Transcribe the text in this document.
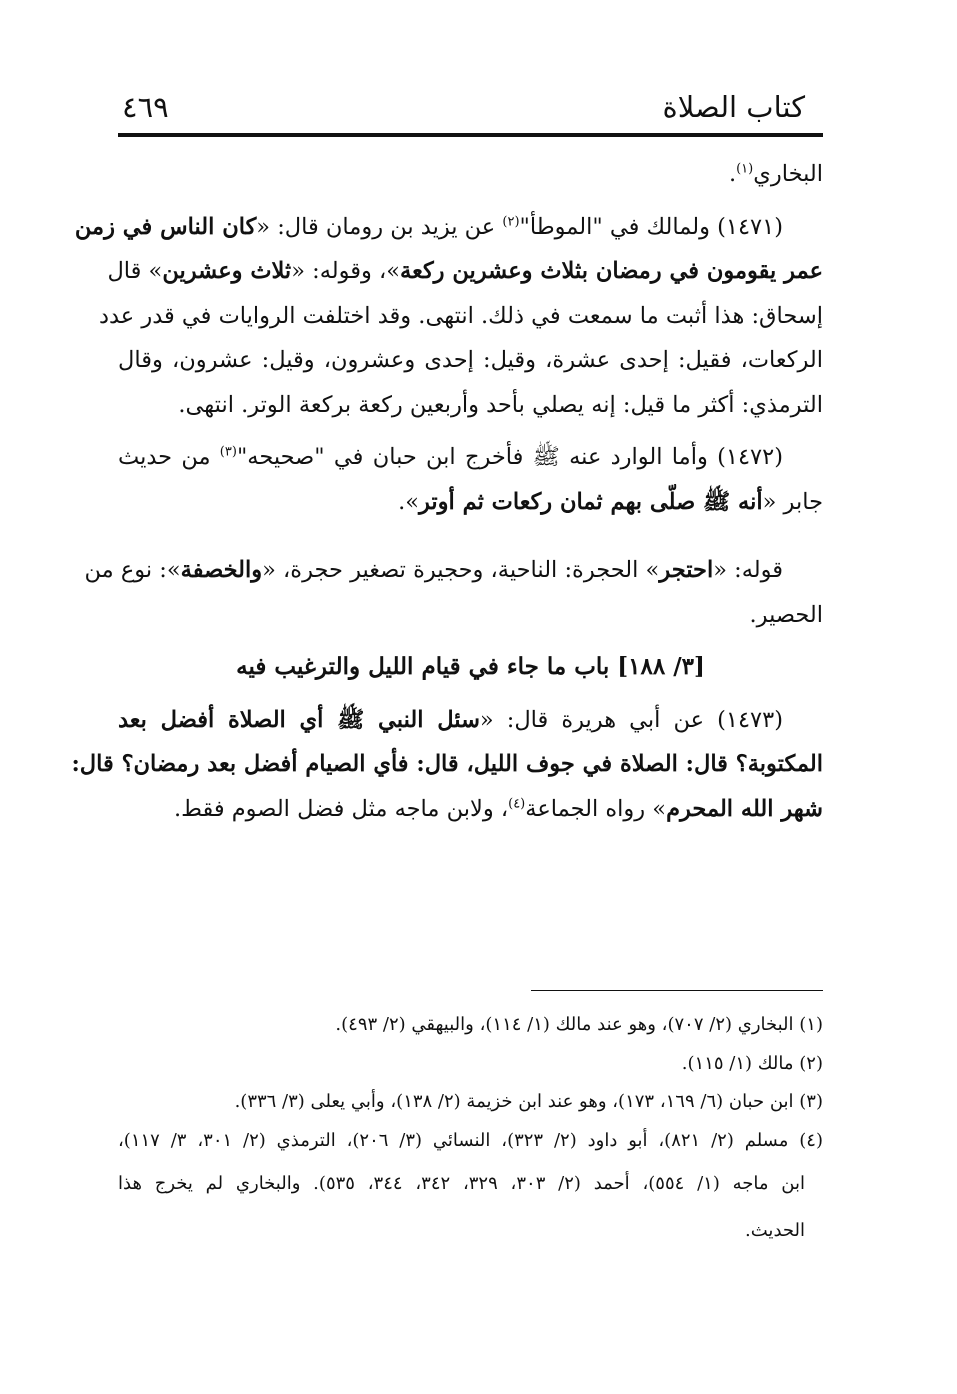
كتاب الصلاة
٤٦٩

البخاري$^{(١)}$.

(١٤٧١) ولمالك في "الموطأ"$^{(٢)}$ عن يزيد بن رومان قال: «كان الناس في زمن

عمر يقومون في رمضان بثلاث وعشرين ركعة»، وقوله: «ثلاث وعشرين» قال

إسحاق: هذا أثبت ما سمعت في ذلك. انتهى. وقد اختلفت الروايات في قدر عدد

الركعات، فقيل: إحدى عشرة، وقيل: إحدى وعشرون، وقيل: عشرون، وقال

الترمذي: أكثر ما قيل: إنه يصلي بأحد وأربعين ركعة بركعة الوتر. انتهى.

(١٤٧٢) وأما الوارد عنه ﷺ فأخرج ابن حبان في "صحيحه"$^{(٣)}$ من حديث

جابر «أنه ﷺ صلّى بهم ثمان ركعات ثم أوتر».

قوله: «احتجر» الحجرة: الناحية، وحجيرة تصغير حجرة، «والخصفة»: نوع من

الحصير.

[٣/ ١٨٨] باب ما جاء في قيام الليل والترغيب فيه

(١٤٧٣) عن أبي هريرة قال: «سئل النبي ﷺ أي الصلاة أفضل بعد

المكتوبة؟ قال: الصلاة في جوف الليل، قال: فأي الصيام أفضل بعد رمضان؟ قال:

شهر الله المحرم» رواه الجماعة$^{(٤)}$، ولابن ماجه مثل فضل الصوم فقط.

(١) البخاري (٢/ ٧٠٧)، وهو عند مالك (١/ ١١٤)، والبيهقي (٢/ ٤٩٣).

(٢) مالك (١/ ١١٥).

(٣) ابن حبان (٦/ ١٦٩، ١٧٣)، وهو عند ابن خزيمة (٢/ ١٣٨)، وأبي يعلى (٣/ ٣٣٦).

(٤) مسلم (٢/ ٨٢١)، أبو داود (٢/ ٣٢٣)، النسائي (٣/ ٢٠٦)، الترمذي (٢/ ٣٠١، ٣/ ١١٧)،

ابن ماجه (١/ ٥٥٤)، أحمد (٢/ ٣٠٣، ٣٢٩، ٣٤٢، ٣٤٤، ٥٣٥). والبخاري لم يخرج هذا

الحديث.
